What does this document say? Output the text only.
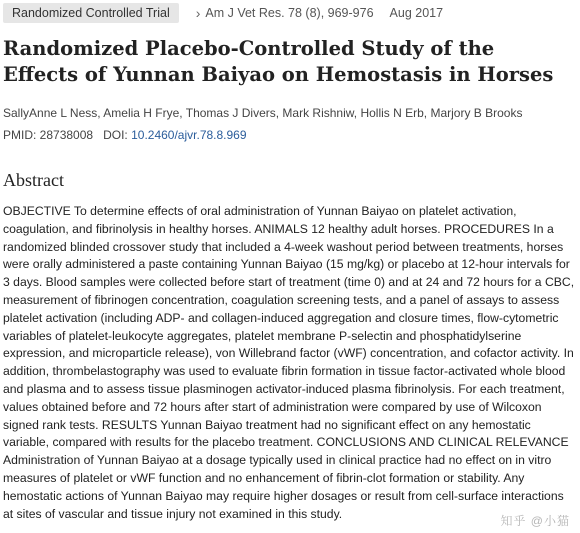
Randomized Controlled Trial	› Am J Vet Res. 78 (8), 969-976 Aug 2017
Randomized Placebo-Controlled Study of the Effects of Yunnan Baiyao on Hemostasis in Horses
SallyAnne L Ness, Amelia H Frye, Thomas J Divers, Mark Rishniw, Hollis N Erb, Marjory B Brooks
PMID: 28738008 DOI: 10.2460/ajvr.78.8.969
Abstract

OBJECTIVE To determine effects of oral administration of Yunnan Baiyao on platelet activation, coagulation, and fibrinolysis in healthy horses. ANIMALS 12 healthy adult horses. PROCEDURES In a randomized blinded crossover study that included a 4-week washout period between treatments, horses were orally administered a paste containing Yunnan Baiyao (15 mg/kg) or placebo at 12-hour intervals for 3 days. Blood samples were collected before start of treatment (time 0) and at 24 and 72 hours for a CBC, measurement of fibrinogen concentration, coagulation screening tests, and a panel of assays to assess platelet activation (including ADP- and collagen-induced aggregation and closure times, flow-cytometric variables of platelet-leukocyte aggregates, platelet membrane P-selectin and phosphatidylserine expression, and microparticle release), von Willebrand factor (vWF) concentration, and cofactor activity. In addition, thrombelastography was used to evaluate fibrin formation in tissue factor-activated whole blood and plasma and to assess tissue plasminogen activator-induced plasma fibrinolysis. For each treatment, values obtained before and 72 hours after start of administration were compared by use of Wilcoxon signed rank tests. RESULTS Yunnan Baiyao treatment had no significant effect on any hemostatic variable, compared with results for the placebo treatment. CONCLUSIONS AND CLINICAL RELEVANCE Administration of Yunnan Baiyao at a dosage typically used in clinical practice had no effect on in vitro measures of platelet or vWF function and no enhancement of fibrin-clot formation or stability. Any hemostatic actions of Yunnan Baiyao may require higher dosages or result from cell-surface interactions at sites of vascular and tissue injury not examined in this study.

知乎 @小猫
